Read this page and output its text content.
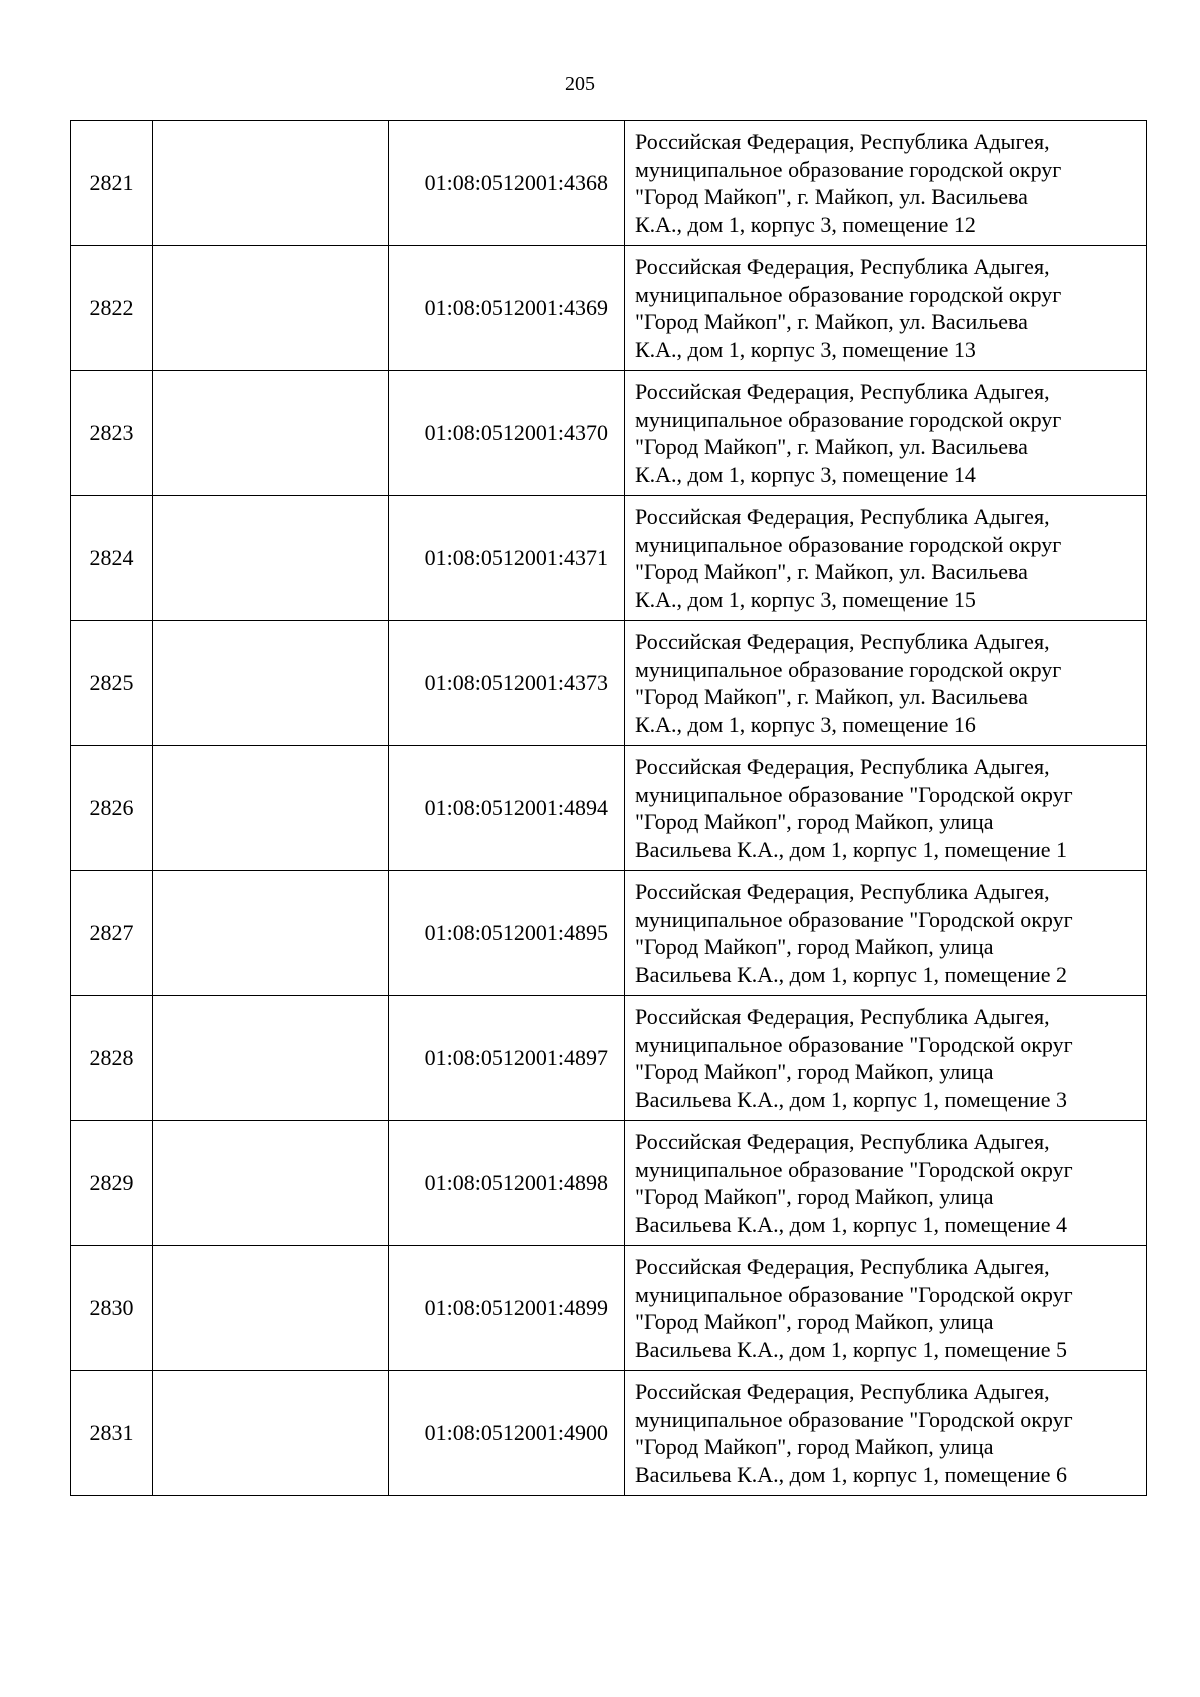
205
2821		01:08:0512001:4368	Российская Федерация, Республика Адыгея,
муниципальное образование городской округ
"Город Майкоп", г. Майкоп, ул. Васильева
К.А., дом 1, корпус 3, помещение 12

2822		01:08:0512001:4369	Российская Федерация, Республика Адыгея,
муниципальное образование городской округ
"Город Майкоп", г. Майкоп, ул. Васильева
К.А., дом 1, корпус 3, помещение 13

2823		01:08:0512001:4370	Российская Федерация, Республика Адыгея,
муниципальное образование городской округ
"Город Майкоп", г. Майкоп, ул. Васильева
К.А., дом 1, корпус 3, помещение 14

2824		01:08:0512001:4371	Российская Федерация, Республика Адыгея,
муниципальное образование городской округ
"Город Майкоп", г. Майкоп, ул. Васильева
К.А., дом 1, корпус 3, помещение 15

2825		01:08:0512001:4373	Российская Федерация, Республика Адыгея,
муниципальное образование городской округ
"Город Майкоп", г. Майкоп, ул. Васильева
К.А., дом 1, корпус 3, помещение 16

2826		01:08:0512001:4894	Российская Федерация, Республика Адыгея,
муниципальное образование "Городской округ
"Город Майкоп", город Майкоп, улица
Васильева К.А., дом 1, корпус 1, помещение 1

2827		01:08:0512001:4895	Российская Федерация, Республика Адыгея,
муниципальное образование "Городской округ
"Город Майкоп", город Майкоп, улица
Васильева К.А., дом 1, корпус 1, помещение 2

2828		01:08:0512001:4897	Российская Федерация, Республика Адыгея,
муниципальное образование "Городской округ
"Город Майкоп", город Майкоп, улица
Васильева К.А., дом 1, корпус 1, помещение 3

2829		01:08:0512001:4898	Российская Федерация, Республика Адыгея,
муниципальное образование "Городской округ
"Город Майкоп", город Майкоп, улица
Васильева К.А., дом 1, корпус 1, помещение 4

2830		01:08:0512001:4899	Российская Федерация, Республика Адыгея,
муниципальное образование "Городской округ
"Город Майкоп", город Майкоп, улица
Васильева К.А., дом 1, корпус 1, помещение 5

2831		01:08:0512001:4900	Российская Федерация, Республика Адыгея,
муниципальное образование "Городской округ
"Город Майкоп", город Майкоп, улица
Васильева К.А., дом 1, корпус 1, помещение 6
